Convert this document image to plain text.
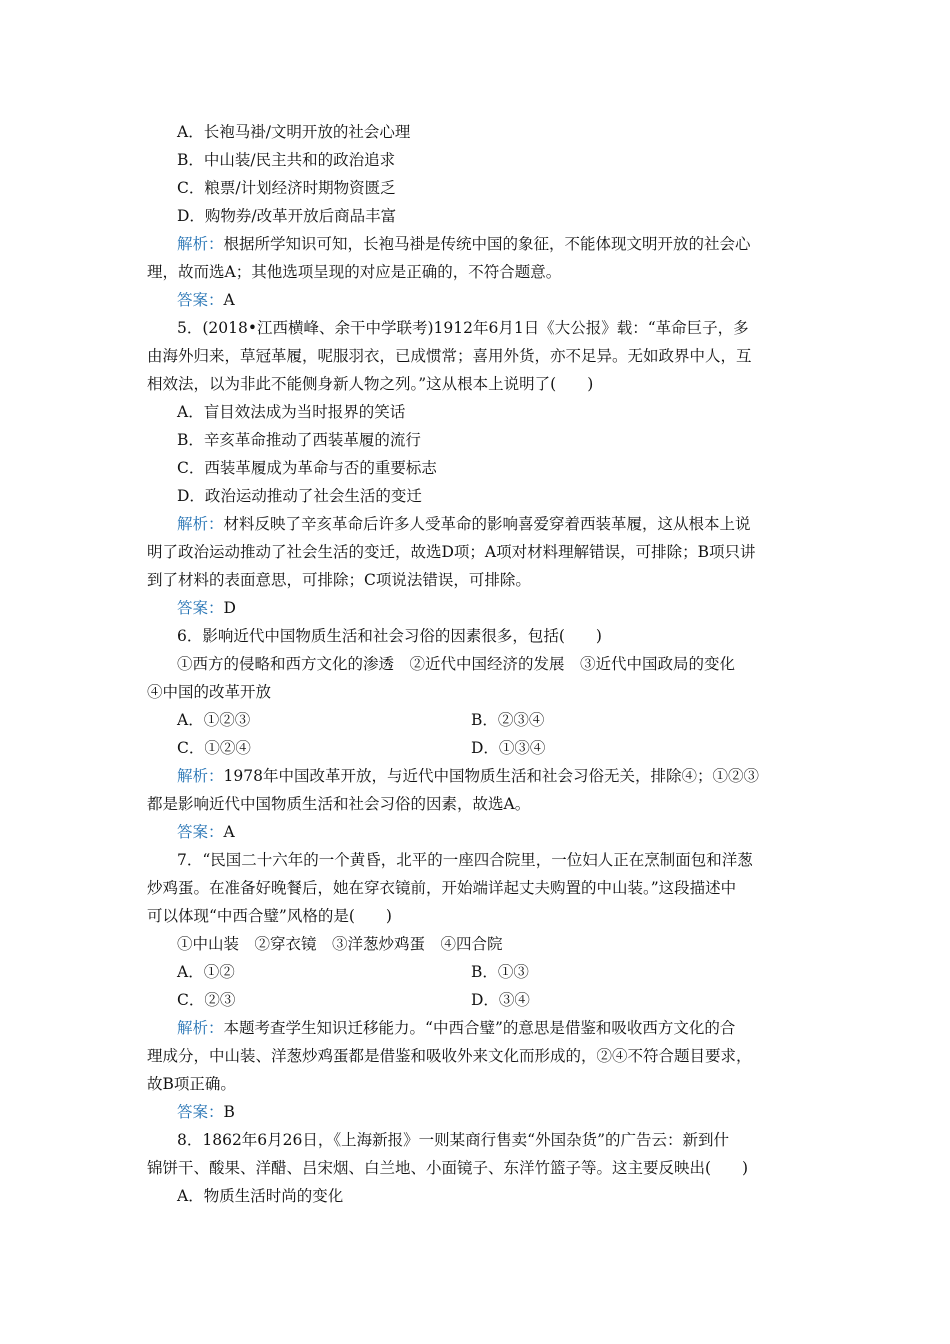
A．长袍马褂/文明开放的社会心理
B．中山装/民主共和的政治追求
C．粮票/计划经济时期物资匮乏
D．购物券/改革开放后商品丰富
解析：根据所学知识可知，长袍马褂是传统中国的象征，不能体现文明开放的社会心
理，故而选A；其他选项呈现的对应是正确的，不符合题意。
答案：A
5．(2018•江西横峰、余干中学联考)1912年6月1日《大公报》载：“革命巨子，多
由海外归来，草冠革履，呢服羽衣，已成惯常；喜用外货，亦不足异。无如政界中人，互
相效法，以为非此不能侧身新人物之列。”这从根本上说明了(　　)
A．盲目效法成为当时报界的笑话
B．辛亥革命推动了西装革履的流行
C．西装革履成为革命与否的重要标志
D．政治运动推动了社会生活的变迁
解析：材料反映了辛亥革命后许多人受革命的影响喜爱穿着西装革履，这从根本上说
明了政治运动推动了社会生活的变迁，故选D项；A项对材料理解错误，可排除；B项只讲
到了材料的表面意思，可排除；C项说法错误，可排除。
答案：D
6．影响近代中国物质生活和社会习俗的因素很多，包括(　　)
①西方的侵略和西方文化的渗透　②近代中国经济的发展　③近代中国政局的变化
④中国的改革开放
A．①②③	B．②③④
C．①②④	D．①③④
解析：1978年中国改革开放，与近代中国物质生活和社会习俗无关，排除④；①②③
都是影响近代中国物质生活和社会习俗的因素，故选A。
答案：A
7．“民国二十六年的一个黄昏，北平的一座四合院里，一位妇人正在烹制面包和洋葱
炒鸡蛋。在准备好晚餐后，她在穿衣镜前，开始端详起丈夫购置的中山装。”这段描述中
可以体现“中西合璧”风格的是(　　)
①中山装　②穿衣镜　③洋葱炒鸡蛋　④四合院
A．①②	B．①③
C．②③	D．③④
解析：本题考查学生知识迁移能力。“中西合璧”的意思是借鉴和吸收西方文化的合
理成分，中山装、洋葱炒鸡蛋都是借鉴和吸收外来文化而形成的，②④不符合题目要求，
故B项正确。
答案：B
8．1862年6月26日，《上海新报》一则某商行售卖“外国杂货”的广告云：新到什
锦饼干、酸果、洋醋、吕宋烟、白兰地、小面镜子、东洋竹篮子等。这主要反映出(　　)
A．物质生活时尚的变化
